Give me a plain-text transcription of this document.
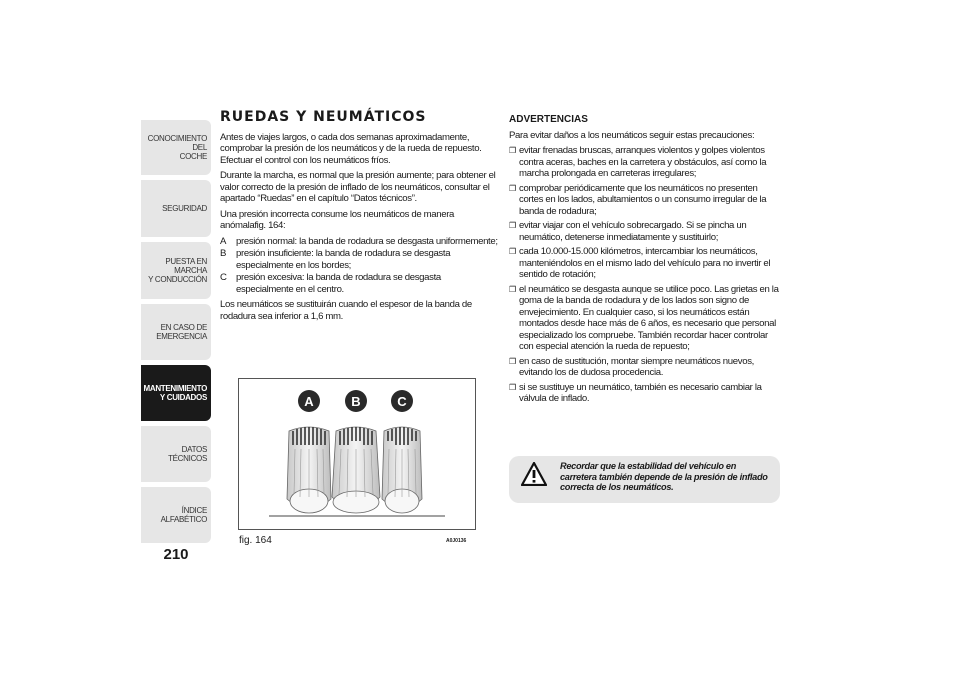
CONOCIMIENTO DEL
COCHE
SEGURIDAD
PUESTA EN MARCHA
Y CONDUCCIÓN
EN CASO DE
EMERGENCIA
MANTENIMIENTO
Y CUIDADOS
DATOS TÉCNICOS
ÍNDICE ALFABÉTICO
210
RUEDAS Y NEUMÁTICOS

Antes de viajes largos, o cada dos semanas aproximadamente, comprobar la presión de los neumáticos y de la rueda de repuesto. Efectuar el control con los neumáticos fríos.

Durante la marcha, es normal que la presión aumente; para obtener el valor correcto de la presión de inflado de los neumáticos, consultar el apartado “Ruedas” en el capítulo “Datos técnicos”.

Una presión incorrecta consume los neumáticos de manera anómalafig. 164:

A presión normal: la banda de rodadura se desgasta uniformemente;
B presión insuficiente: la banda de rodadura se desgasta especialmente en los bordes;
C presión excesiva: la banda de rodadura se desgasta especialmente en el centro.

Los neumáticos se sustituirán cuando el espesor de la banda de rodadura sea inferior a 1,6 mm.

A	B	C
fig. 164	A0J0136
ADVERTENCIAS

Para evitar daños a los neumáticos seguir estas precauciones:

❒ evitar frenadas bruscas, arranques violentos y golpes violentos contra aceras, baches en la carretera y obstáculos, así como la marcha prolongada en carreteras irregulares;
❒ comprobar periódicamente que los neumáticos no presenten cortes en los lados, abultamientos o un consumo irregular de la banda de rodadura;
❒ evitar viajar con el vehículo sobrecargado. Si se pincha un neumático, detenerse inmediatamente y sustituirlo;
❒ cada 10.000-15.000 kilómetros, intercambiar los neumáticos, manteniéndolos en el mismo lado del vehículo para no invertir el sentido de rotación;
❒ el neumático se desgasta aunque se utilice poco. Las grietas en la goma de la banda de rodadura y de los lados son signo de envejecimiento. En cualquier caso, si los neumáticos están montados desde hace más de 6 años, es necesario que personal especializado los compruebe. También recordar hacer controlar con especial atención la rueda de repuesto;
❒ en caso de sustitución, montar siempre neumáticos nuevos, evitando los de dudosa procedencia.
❒ si se sustituye un neumático, también es necesario cambiar la válvula de inflado.
Recordar que la estabilidad del vehículo en carretera también depende de la presión de inflado correcta de los neumáticos.
